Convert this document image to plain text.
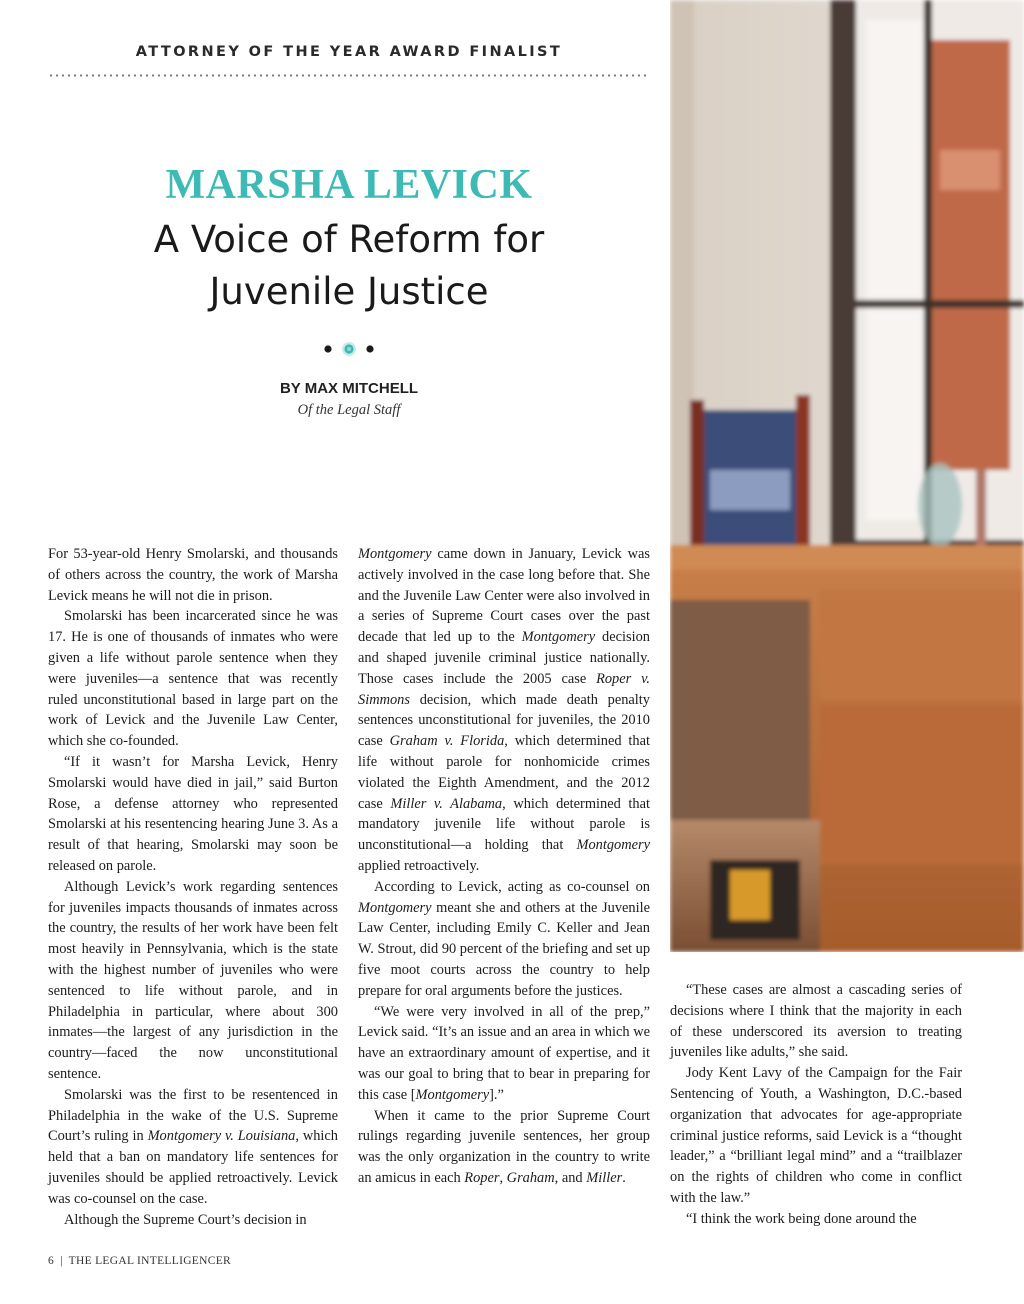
ATTORNEY OF THE YEAR AWARD FINALIST
MARSHA LEVICK
A Voice of Reform for
Juvenile Justice
BY MAX MITCHELL
Of the Legal Staff

For 53-year-old Henry Smolarski, and thousands of others across the country, the work of Marsha Levick means he will not die in prison.

Smolarski has been incarcerated since he was 17. He is one of thousands of inmates who were given a life without parole sentence when they were juveniles—a sentence that was recently ruled unconstitutional based in large part on the work of Levick and the Juvenile Law Center, which she co-founded.

“If it wasn’t for Marsha Levick, Henry Smolarski would have died in jail,” said Burton Rose, a defense attorney who represented Smolarski at his resentencing hearing June 3. As a result of that hearing, Smolarski may soon be released on parole.

Although Levick’s work regarding sentences for juveniles impacts thousands of inmates across the country, the results of her work have been felt most heavily in Pennsylvania, which is the state with the highest number of juveniles who were sentenced to life without parole, and in Philadelphia in particular, where about 300 inmates—the largest of any jurisdiction in the country—faced the now unconstitutional sentence.

Smolarski was the first to be resentenced in Philadelphia in the wake of the U.S. Supreme Court’s ruling in Montgomery v. Louisiana, which held that a ban on mandatory life sentences for juveniles should be applied retroactively. Levick was co-counsel on the case.

Although the Supreme Court’s decision in

Montgomery came down in January, Levick was actively involved in the case long before that. She and the Juvenile Law Center were also involved in a series of Supreme Court cases over the past decade that led up to the Montgomery decision and shaped juvenile criminal justice nationally. Those cases include the 2005 case Roper v. Simmons decision, which made death penalty sentences unconstitutional for juveniles, the 2010 case Graham v. Florida, which determined that life without parole for nonhomicide crimes violated the Eighth Amendment, and the 2012 case Miller v. Alabama, which determined that mandatory juvenile life without parole is unconstitutional—a holding that Montgomery applied retroactively.

According to Levick, acting as co-counsel on Montgomery meant she and others at the Juvenile Law Center, including Emily C. Keller and Jean W. Strout, did 90 percent of the briefing and set up five moot courts across the country to help prepare for oral arguments before the justices.

“We were very involved in all of the prep,” Levick said. “It’s an issue and an area in which we have an extraordinary amount of expertise, and it was our goal to bring that to bear in preparing for this case [Montgomery].”

When it came to the prior Supreme Court rulings regarding juvenile sentences, her group was the only organization in the country to write an amicus in each Roper, Graham, and Miller.

“These cases are almost a cascading series of decisions where I think that the majority in each of these underscored its aversion to treating juveniles like adults,” she said.

Jody Kent Lavy of the Campaign for the Fair Sentencing of Youth, a Washington, D.C.-based organization that advocates for age-appropriate criminal justice reforms, said Levick is a “thought leader,” a “brilliant legal mind” and a “trailblazer on the rights of children who come in conflict with the law.”

“I think the work being done around the

6 | THE LEGAL INTELLIGENCER
